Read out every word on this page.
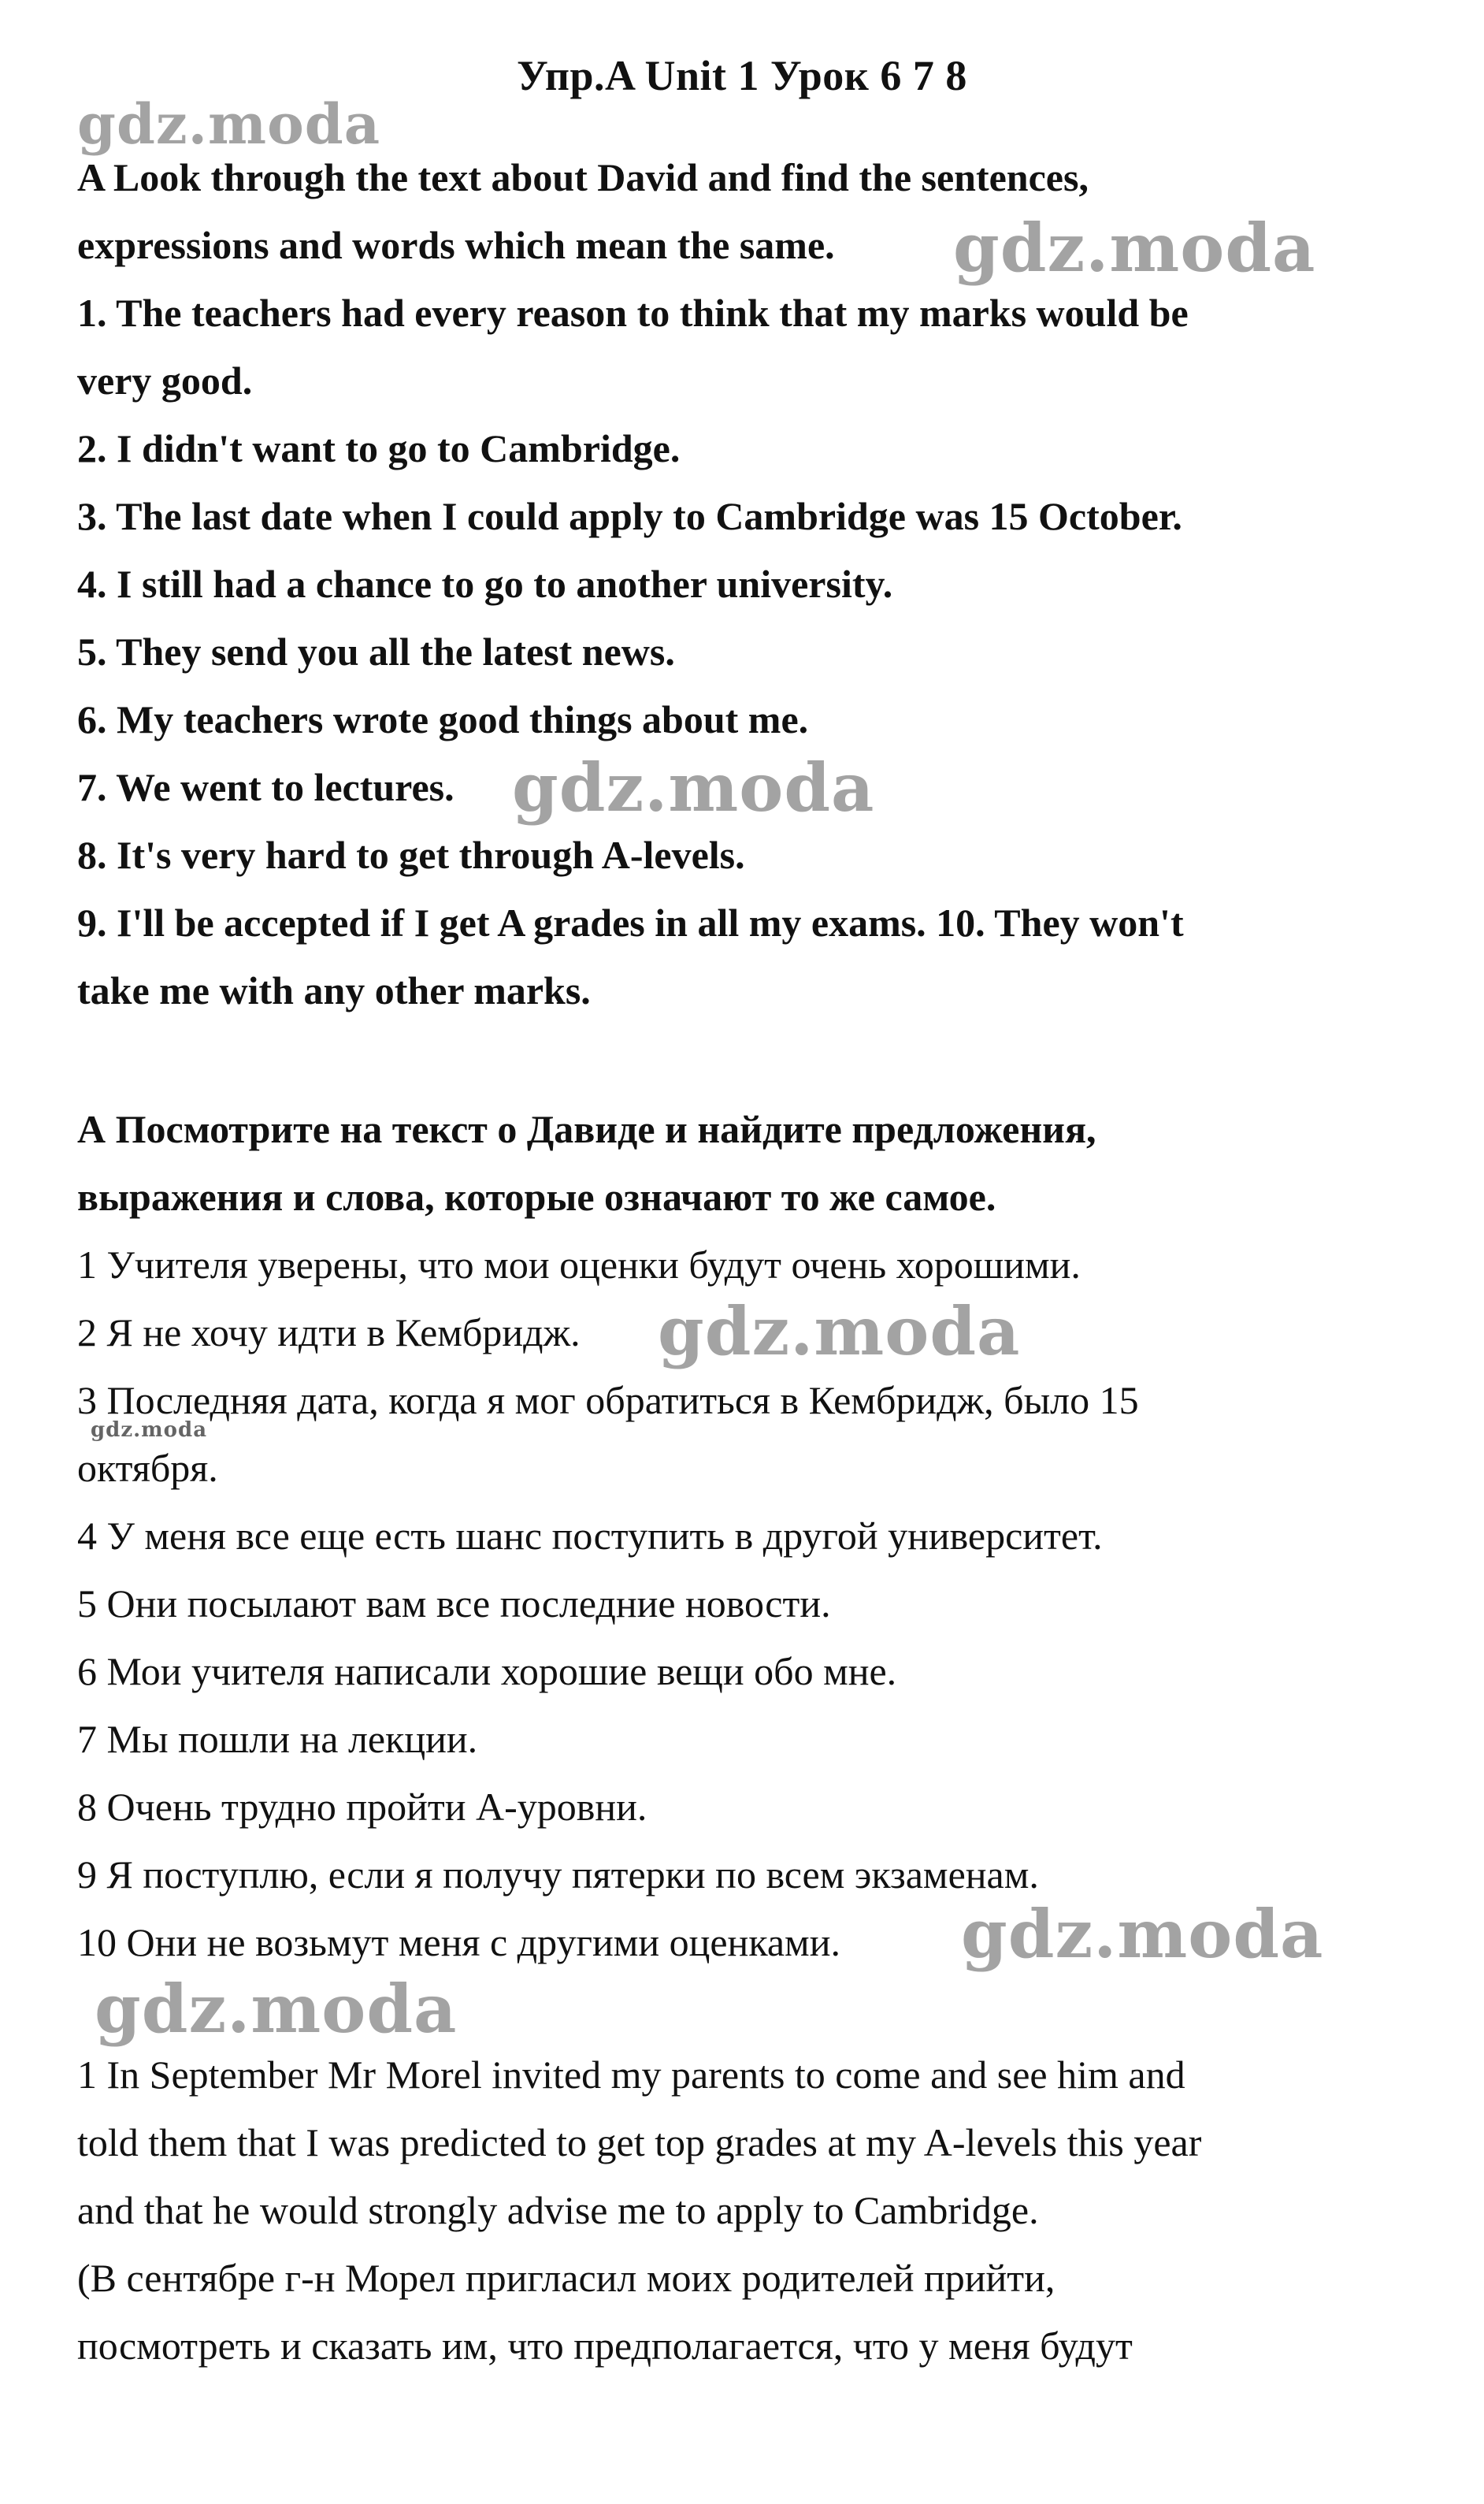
Упр.A Unit 1 Урок 6 7 8
A Look through the text about David and find the sentences,
expressions and words which mean the same.
1. The teachers had every reason to think that my marks would be
very good.
2. I didn't want to go to Cambridge.
3. The last date when I could apply to Cambridge was 15 October.
4. I still had a chance to go to another university.
5. They send you all the latest news.
6. My teachers wrote good things about me.
7. We went to lectures.
8. It's very hard to get through A-levels.
9. I'll be accepted if I get A grades in all my exams. 10. They won't
take me with any other marks.
А Посмотрите на текст о Давиде и найдите предложения,
выражения и слова, которые означают то же самое.
1 Учителя уверены, что мои оценки будут очень хорошими.
2 Я не хочу идти в Кембридж.
3 Последняя дата, когда я мог обратиться в Кембридж, было 15
октября.
4 У меня все еще есть шанс поступить в другой университет.
5 Они посылают вам все последние новости.
6 Мои учителя написали хорошие вещи обо мне.
7 Мы пошли на лекции.
8 Очень трудно пройти А-уровни.
9 Я поступлю, если я получу пятерки по всем экзаменам.
10 Они не возьмут меня с другими оценками.
1 In September Mr Morel invited my parents to come and see him and
told them that I was predicted to get top grades at my A-levels this year
and that he would strongly advise me to apply to Cambridge.
(В сентябре г-н Морел пригласил моих родителей прийти,
посмотреть и сказать им, что предполагается, что у меня будут
gdz.moda
gdz.moda
gdz.moda
gdz.moda
gdz.moda
gdz.moda
gdz.moda
